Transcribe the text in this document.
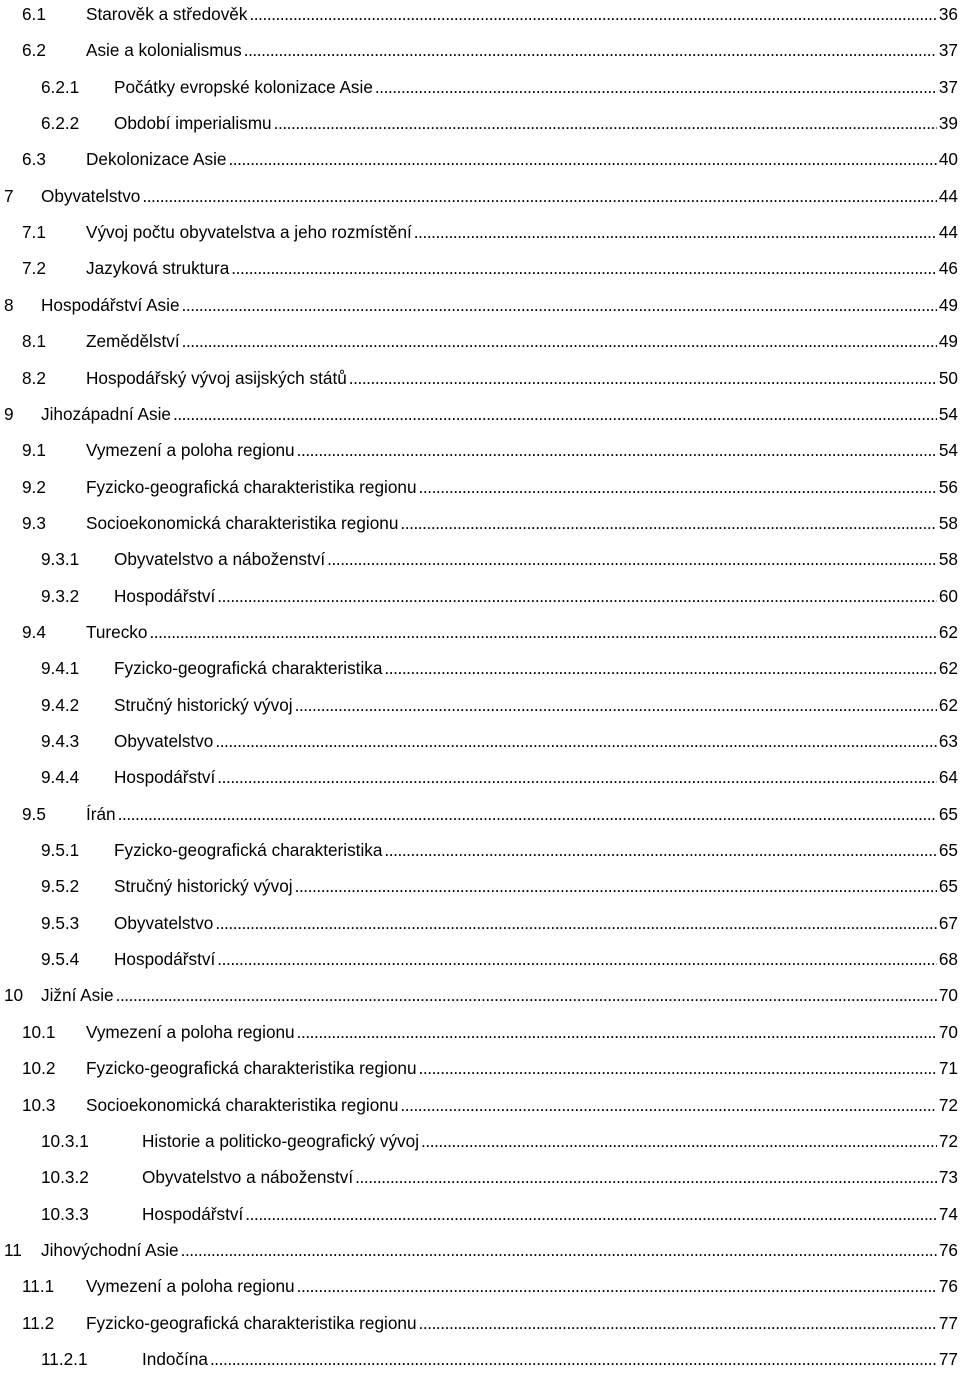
6.1 Starověk a středověk . . .	36
6.2 Asie a kolonialismus . . .	37
6.2.1 Počátky evropské kolonizace Asie . . .	37
6.2.2 Období imperialismu . . .	39
6.3 Dekolonizace Asie . . .	40
7 Obyvatelstvo . . .	44
7.1 Vývoj počtu obyvatelstva a jeho rozmístění . . .	44
7.2 Jazyková struktura . . .	46
8 Hospodářství Asie . . .	49
8.1 Zemědělství . . .	49
8.2 Hospodářský vývoj asijských států . . .	50
9 Jihozápadní Asie . . .	54
9.1 Vymezení a poloha regionu . . .	54
9.2 Fyzicko-geografická charakteristika regionu . . .	56
9.3 Socioekonomická charakteristika regionu . . .	58
9.3.1 Obyvatelstvo a náboženství . . .	58
9.3.2 Hospodářství . . .	60
9.4 Turecko . . .	62
9.4.1 Fyzicko-geografická charakteristika . . .	62
9.4.2 Stručný historický vývoj . . .	62
9.4.3 Obyvatelstvo . . .	63
9.4.4 Hospodářství . . .	64
9.5 Írán . . .	65
9.5.1 Fyzicko-geografická charakteristika . . .	65
9.5.2 Stručný historický vývoj . . .	65
9.5.3 Obyvatelstvo . . .	67
9.5.4 Hospodářství . . .	68
10 Jižní Asie . . .	70
10.1 Vymezení a poloha regionu . . .	70
10.2 Fyzicko-geografická charakteristika regionu . . .	71
10.3 Socioekonomická charakteristika regionu . . .	72
10.3.1	Historie a politicko-geografický vývoj . . .	72
10.3.2	Obyvatelstvo a náboženství . . .	73
10.3.3	Hospodářství . . .	74
11 Jihovýchodní Asie . . .	76
11.1 Vymezení a poloha regionu . . .	76
11.2 Fyzicko-geografická charakteristika regionu . . .	77
11.2.1	Indočína . . .	77
